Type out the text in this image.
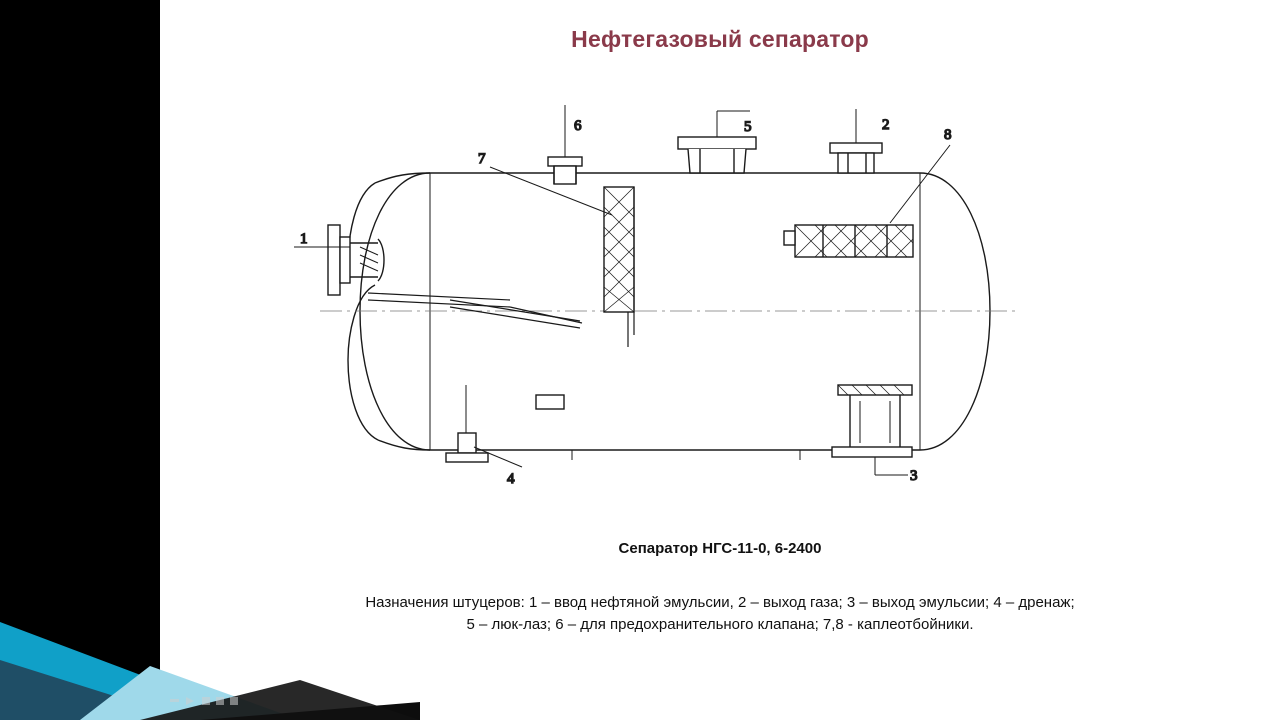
Нефтегазовый сепаратор
1
7
6	5	2
8
4	3
Сепаратор НГС-11-0, 6-2400
Назначения штуцеров: 1 – ввод нефтяной эмульсии, 2 – выход газа; 3 – выход эмульсии; 4 – дренаж;
5 – люк-лаз; 6 – для предохранительного клапана; 7,8 - каплеотбойники.
